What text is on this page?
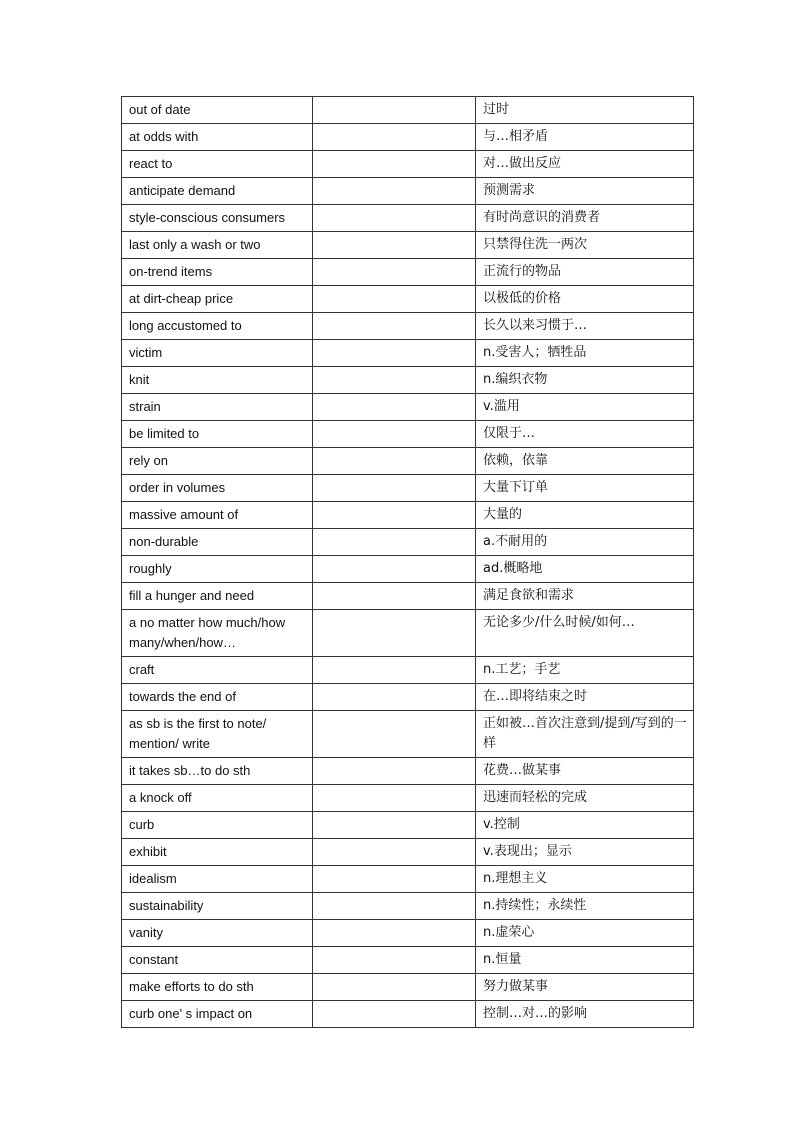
out of date		过时
at odds with		与…相矛盾
react to		对…做出反应
anticipate demand		预测需求
style-conscious consumers		有时尚意识的消费者
last only a wash or two		只禁得住洗一两次
on-trend items		正流行的物品
at dirt-cheap price		以极低的价格
long accustomed to		长久以来习惯于…
victim		n.受害人；牺牲品
knit		n.编织衣物
strain		v.滥用
be limited to		仅限于…
rely on		依赖，依靠
order in volumes		大量下订单
massive amount of		大量的
non-durable		a.不耐用的
roughly		ad.概略地
fill a hunger and need		满足食欲和需求
a no matter how much/how many/when/how…		无论多少/什么时候/如何…
craft		n.工艺；手艺
towards the end of		在…即将结束之时
as sb is the first to note/ mention/ write		正如被…首次注意到/提到/写到的一样
it takes sb…to do sth		花费…做某事
a knock off		迅速而轻松的完成
curb		v.控制
exhibit		v.表现出；显示
idealism		n.理想主义
sustainability		n.持续性；永续性
vanity		n.虚荣心
constant		n.恒量
make efforts to do sth		努力做某事
curb one' s impact on		控制…对…的影响
